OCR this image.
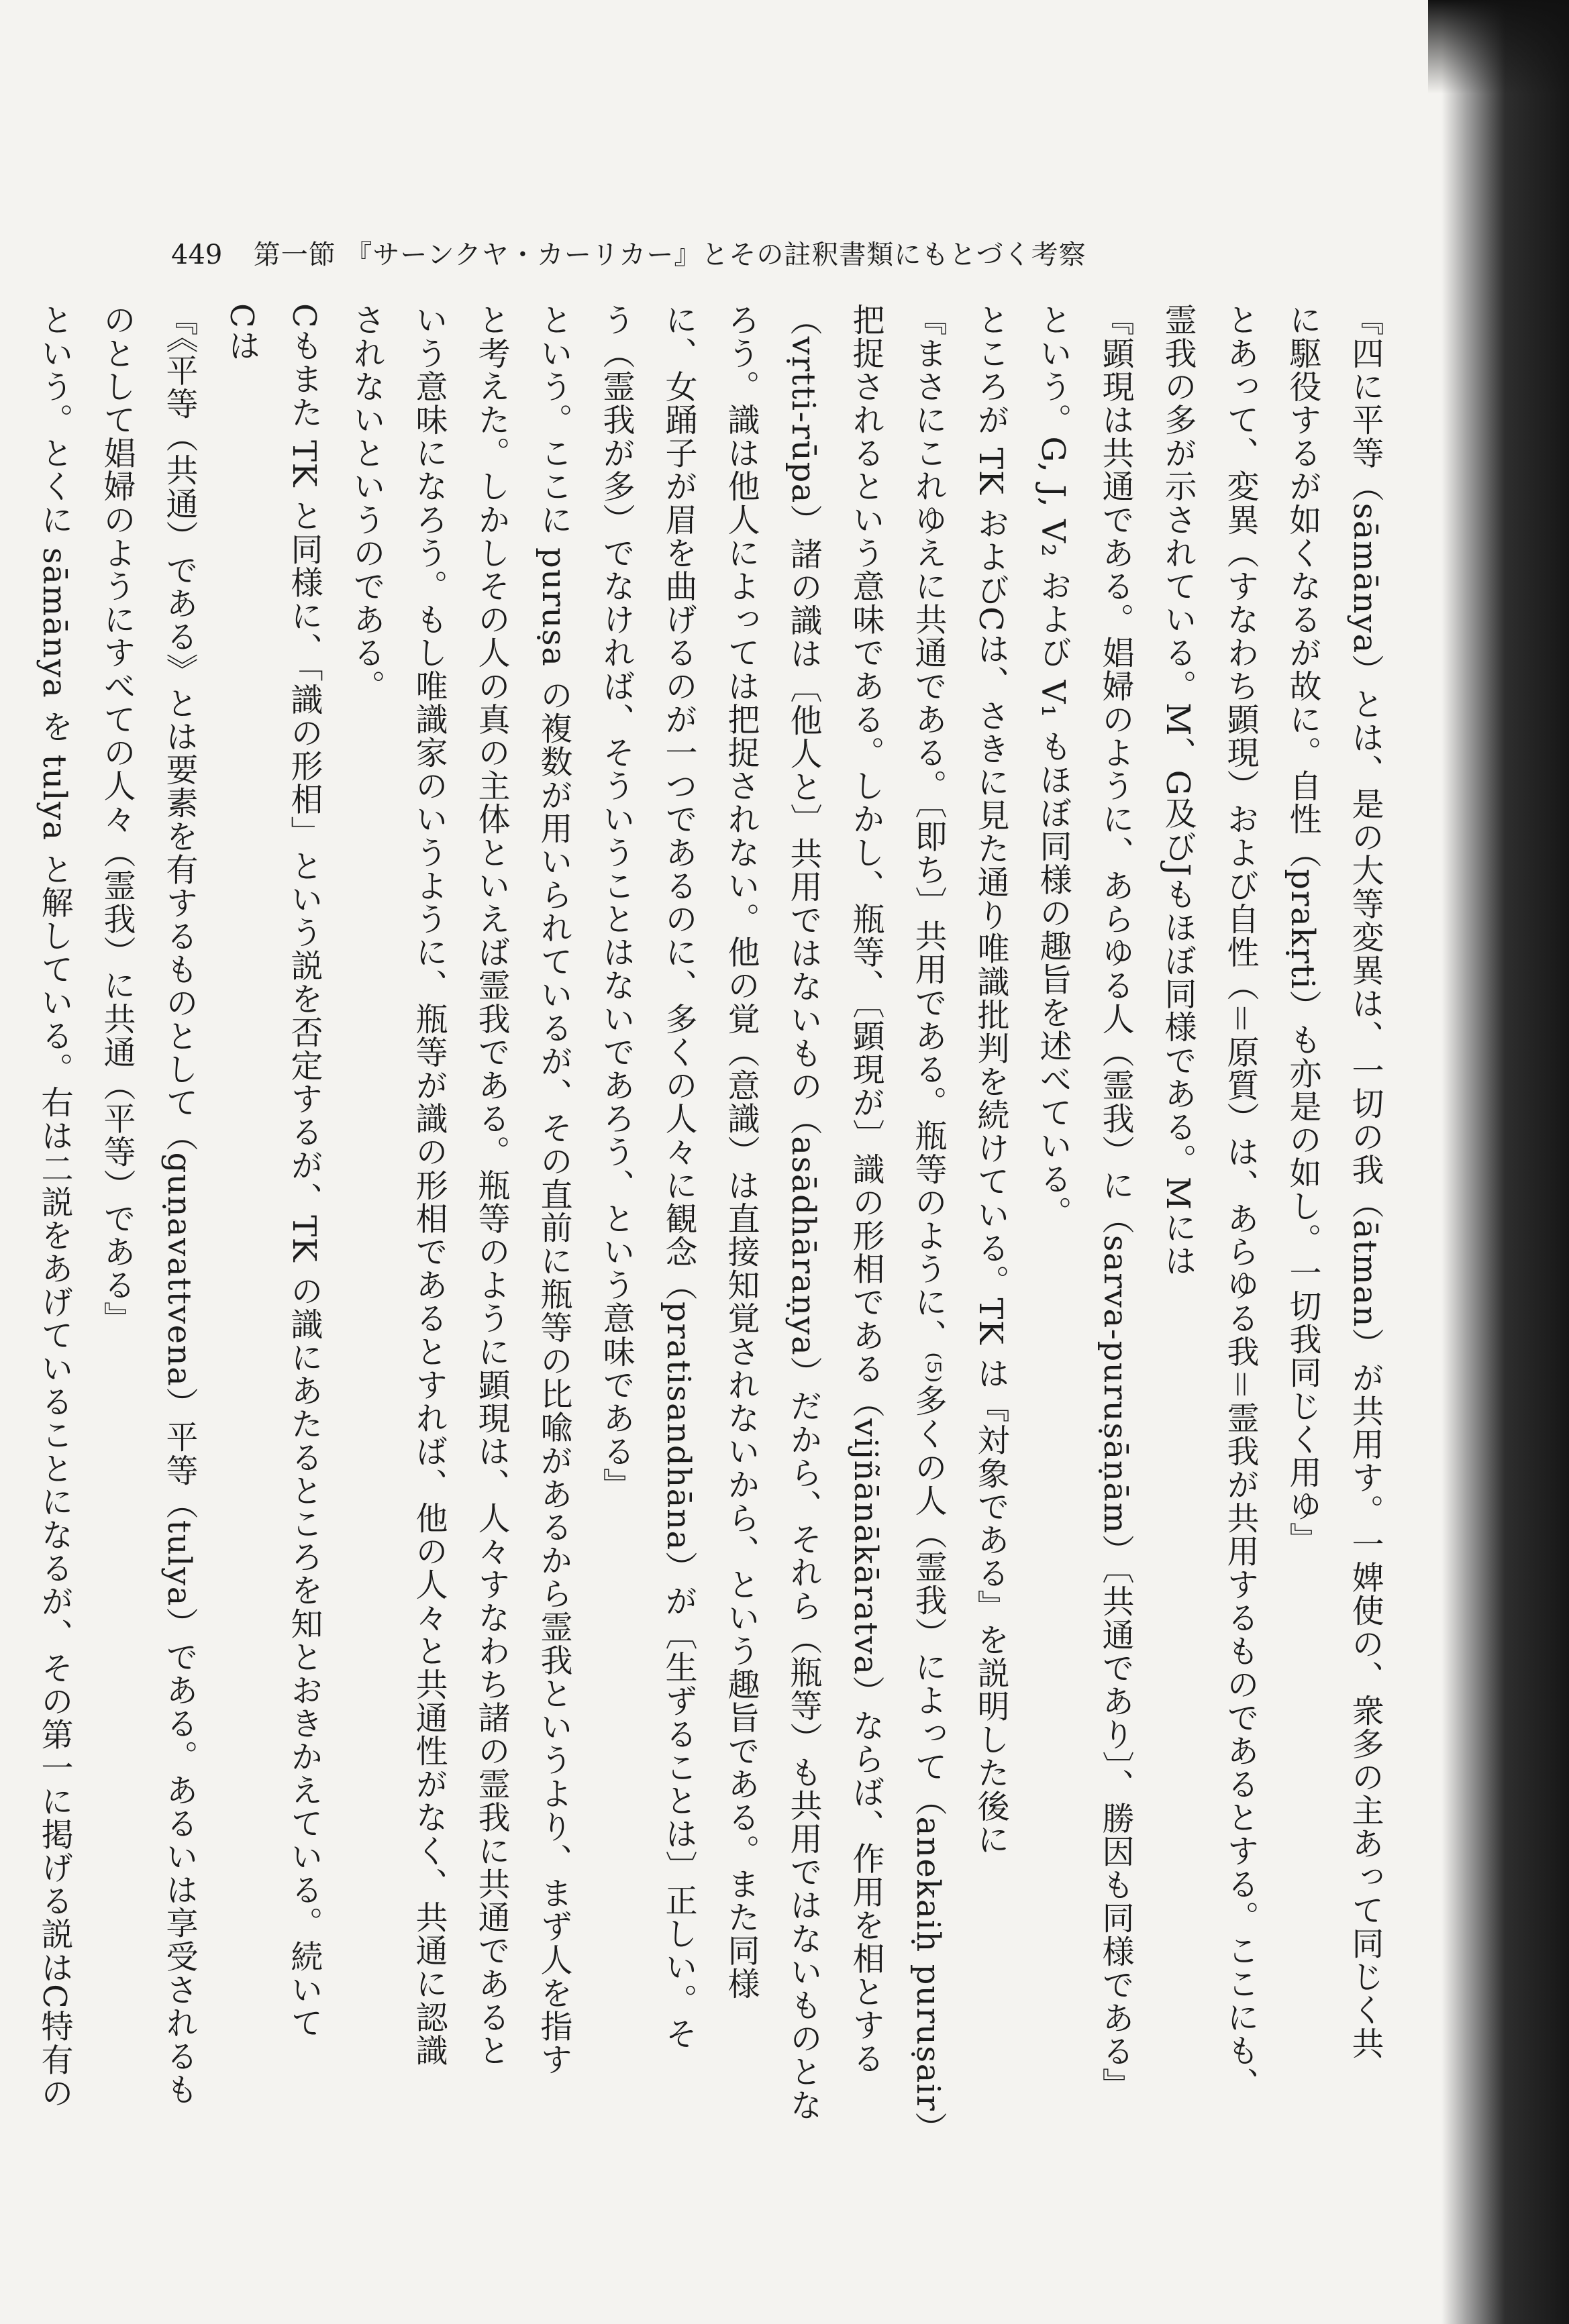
449 第一節 『サーンクヤ・カーリカー』とその註釈書類にもとづく考察

『四に平等（sāmānya）とは、是の大等変異は、一切の我（ātman）が共用す。一婢使の、衆多の主あって同じく共

に駆役するが如くなるが故に。自性（prakṛti）も亦是の如し。一切我同じく用ゆ』

とあって、変異（すなわち顕現）および自性（＝原質）は、あらゆる我＝霊我が共用するものであるとする。ここにも、

霊我の多が示されている。M、G及びJもほぼ同様である。Mには

『顕現は共通である。娼婦のように、あらゆる人（霊我）に（sarva-puruṣāṇām）〔共通であり〕、勝因も同様である』

という。G, J, V₂ および V₁ もほぼ同様の趣旨を述べている。

ところが TK およびCは、さきに見た通り唯識批判を続けている。TK は『対象である』を説明した後に

『まさにこれゆえに共通である。〔即ち〕共用である。瓶等のように、⁽⁵⁾多くの人（霊我）によって（anekaiḥ puruṣair）

把捉されるという意味である。しかし、瓶等、〔顕現が〕識の形相である（vijñānākāratva）ならば、作用を相とする

（vṛtti-rūpa）諸の識は〔他人と〕共用ではないもの（asādhāraṇya）だから、それら（瓶等）も共用ではないものとな

ろう。識は他人によっては把捉されない。他の覚（意識）は直接知覚されないから、という趣旨である。また同様

に、女踊子が眉を曲げるのが一つであるのに、多くの人々に観念（pratisandhāna）が〔生ずることは〕正しい。そ

う（霊我が多）でなければ、そういうことはないであろう、という意味である』

という。ここに puruṣa の複数が用いられているが、その直前に瓶等の比喩があるから霊我というより、まず人を指す

と考えた。しかしその人の真の主体といえば霊我である。瓶等のように顕現は、人々すなわち諸の霊我に共通であると

いう意味になろう。もし唯識家のいうように、瓶等が識の形相であるとすれば、他の人々と共通性がなく、共通に認識

されないというのである。

Cもまた TK と同様に、「識の形相」という説を否定するが、TK の識にあたるところを知とおきかえている。続いて

Cは

『《平等（共通）である》とは要素を有するものとして（guṇavattvena）平等（tulya）である。あるいは享受されるも

のとして娼婦のようにすべての人々（霊我）に共通（平等）である』

という。とくに sāmānya を tulya と解している。右は二説をあげていることになるが、その第一に掲げる説はC特有の
